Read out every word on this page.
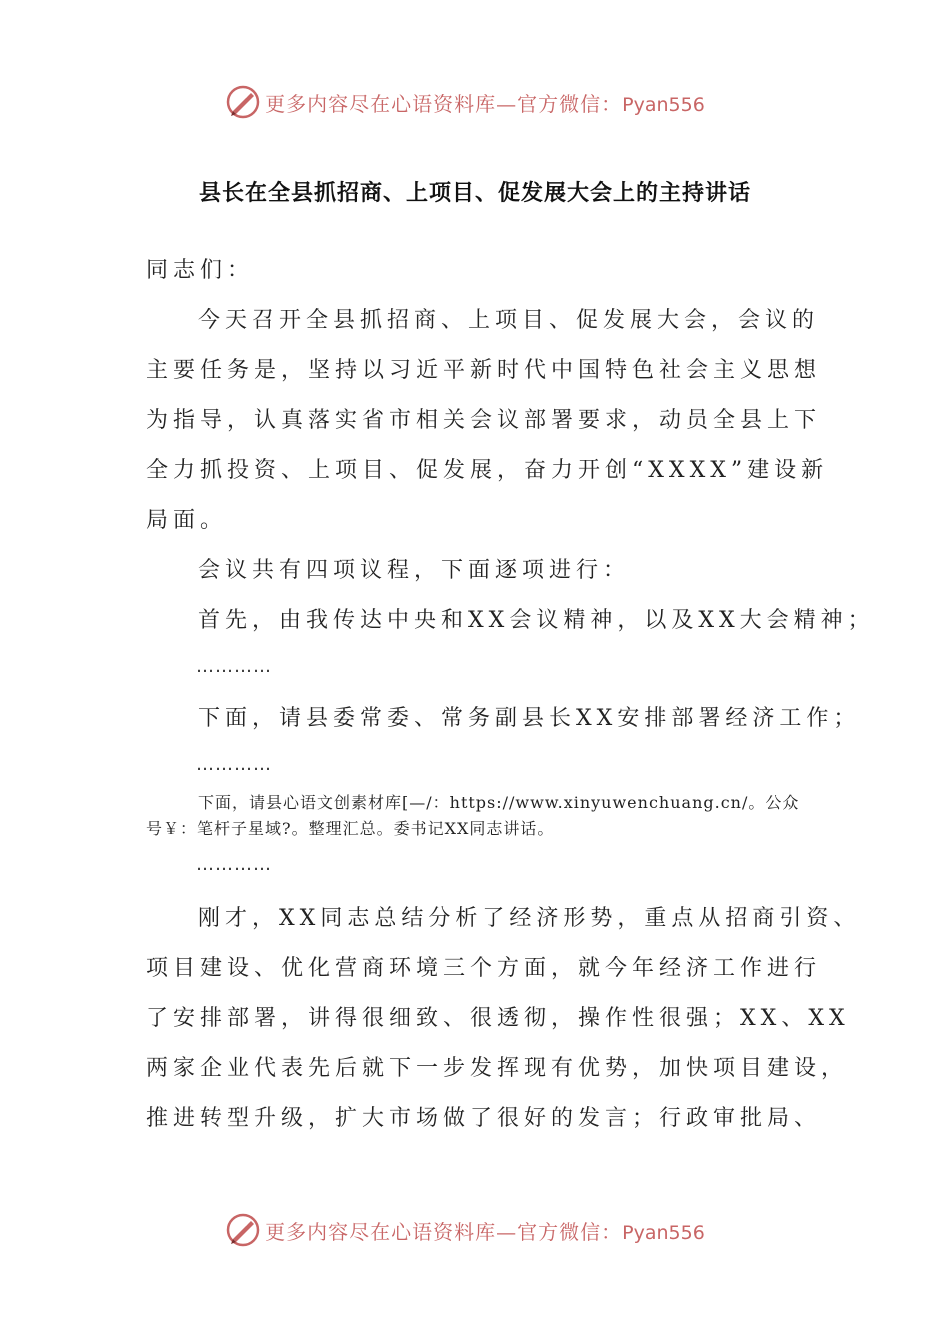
更多内容尽在心语资料库—官方微信：Pyan556
县长在全县抓招商、上项目、促发展大会上的主持讲话
同志们：
今天召开全县抓招商、上项目、促发展大会，会议的
主要任务是，坚持以习近平新时代中国特色社会主义思想
为指导，认真落实省市相关会议部署要求，动员全县上下
全力抓投资、上项目、促发展，奋力开创“XXXX”建设新
局面。
会议共有四项议程，下面逐项进行：
首先，由我传达中央和XX会议精神，以及XX大会精神；
…………
下面，请县委常委、常务副县长XX安排部署经济工作；
…………
下面，请县心语文创素材库[—/：https://www.xinyuwenchuang.cn/。公众
号￥：笔杆子星域?。整理汇总。委书记XX同志讲话。
…………
刚才，XX同志总结分析了经济形势，重点从招商引资、
项目建设、优化营商环境三个方面，就今年经济工作进行
了安排部署，讲得很细致、很透彻，操作性很强；XX、XX
两家企业代表先后就下一步发挥现有优势，加快项目建设，
推进转型升级，扩大市场做了很好的发言；行政审批局、
更多内容尽在心语资料库—官方微信：Pyan556
